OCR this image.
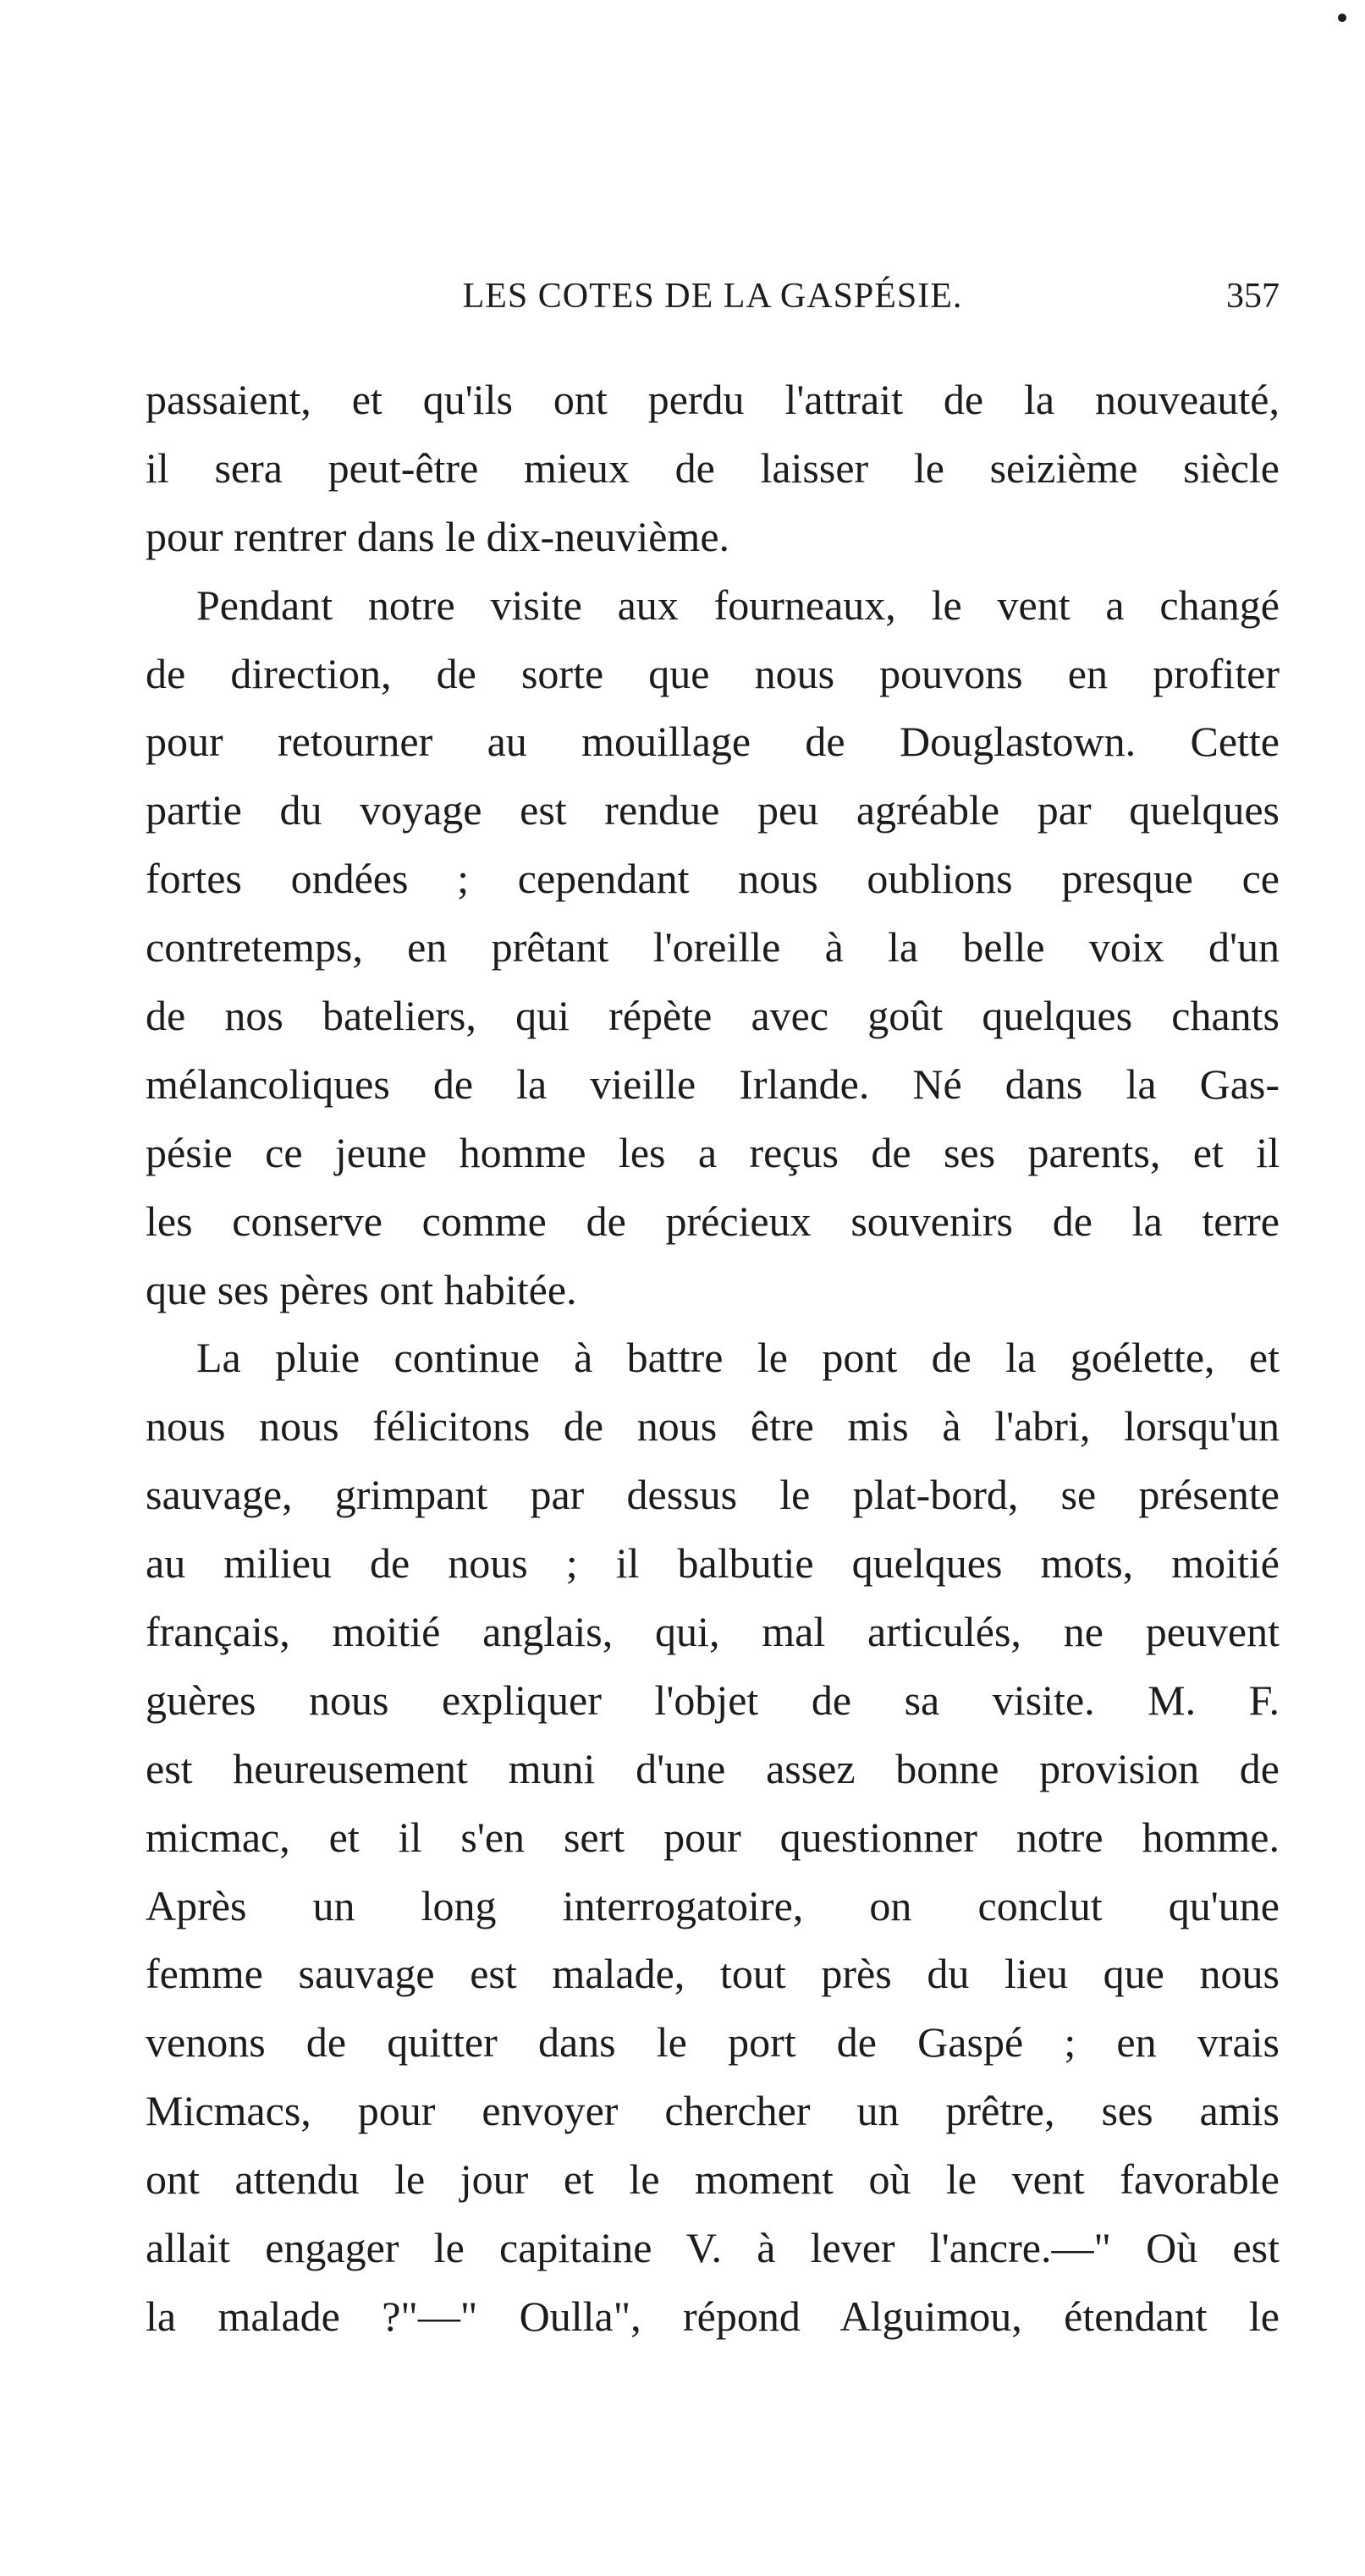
LES COTES DE LA GASPÉSIE.	357
passaient, et qu'ils ont perdu l'attrait de la nouveauté,
il sera peut-être mieux de laisser le seizième siècle
pour rentrer dans le dix-neuvième.
Pendant notre visite aux fourneaux, le vent a changé
de direction, de sorte que nous pouvons en profiter
pour retourner au mouillage de Douglastown. Cette
partie du voyage est rendue peu agréable par quelques
fortes ondées ; cependant nous oublions presque ce
contretemps, en prêtant l'oreille à la belle voix d'un
de nos bateliers, qui répète avec goût quelques chants
mélancoliques de la vieille Irlande. Né dans la Gas-
pésie ce jeune homme les a reçus de ses parents, et il
les conserve comme de précieux souvenirs de la terre
que ses pères ont habitée.
La pluie continue à battre le pont de la goélette, et
nous nous félicitons de nous être mis à l'abri, lorsqu'un
sauvage, grimpant par dessus le plat-bord, se présente
au milieu de nous ; il balbutie quelques mots, moitié
français, moitié anglais, qui, mal articulés, ne peuvent
guères nous expliquer l'objet de sa visite. M. F.
est heureusement muni d'une assez bonne provision de
micmac, et il s'en sert pour questionner notre homme.
Après un long interrogatoire, on conclut qu'une
femme sauvage est malade, tout près du lieu que nous
venons de quitter dans le port de Gaspé ; en vrais
Micmacs, pour envoyer chercher un prêtre, ses amis
ont attendu le jour et le moment où le vent favorable
allait engager le capitaine V. à lever l'ancre.—" Où est
la malade ?"—" Oulla", répond Alguimou, étendant le
